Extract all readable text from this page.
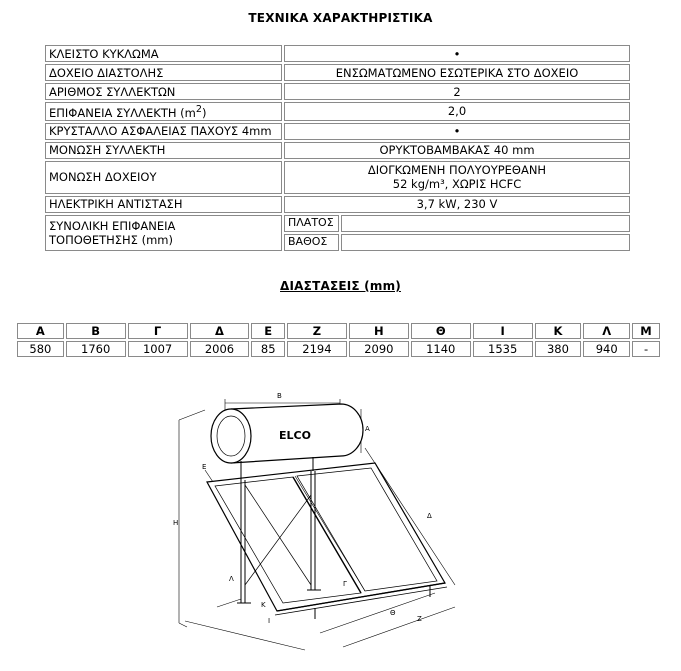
ΤΕΧΝΙΚΑ ΧΑΡΑΚΤΗΡΙΣΤΙΚΑ
ΚΛΕΙΣΤΟ ΚΥΚΛΩΜΑ	•	
ΔΟΧΕΙΟ ΔΙΑΣΤΟΛΗΣ	ΕΝΣΩΜΑΤΩΜΕΝΟ ΕΣΩΤΕΡΙΚΑ ΣΤΟ ΔΟΧΕΙΟ	
ΑΡΙΘΜΟΣ ΣΥΛΛΕΚΤΩΝ	2	
ΕΠΙΦΑΝΕΙΑ ΣΥΛΛΕΚΤΗ $(m^2)$	2,0	
ΚΡΥΣΤΑΛΛΟ ΑΣΦΑΛΕΙΑΣ ΠΑΧΟΥΣ 4mm	•	
ΜΟΝΩΣΗ ΣΥΛΛΕΚΤΗ	ΟΡΥΚΤΟΒΑΜΒΑΚΑΣ 40 mm	
ΜΟΝΩΣΗ ΔΟΧΕΙΟΥ	ΔΙΟΓΚΩΜΕΝΗ ΠΟΛΥΟΥΡΕΘΑΝΗ
52 kg/m³, ΧΩΡΙΣ HCFC	

ΗΛΕΚΤΡΙΚΗ ΑΝΤΙΣΤΑΣΗ	3,7 kW, 230 V	

ΣΥΝΟΛΙΚΗ ΕΠΙΦΑΝΕΙΑ
ΤΟΠΟΘΕΤΗΣΗΣ (mm)	ΠΛΑΤΟΣ	
	ΒΑΘΟΣ	
ΔΙΑΣΤΑΣΕΙΣ (mm)
Α	Β	Γ	Δ	Ε	Ζ	Η	Θ	Ι	Κ	Λ	Μ
580	1760	1007	2006	85	2194	2090	1140	1535	380	940	-
ELCO
B
A
E
H
Δ
Λ
Γ
K
Θ
I	Z
